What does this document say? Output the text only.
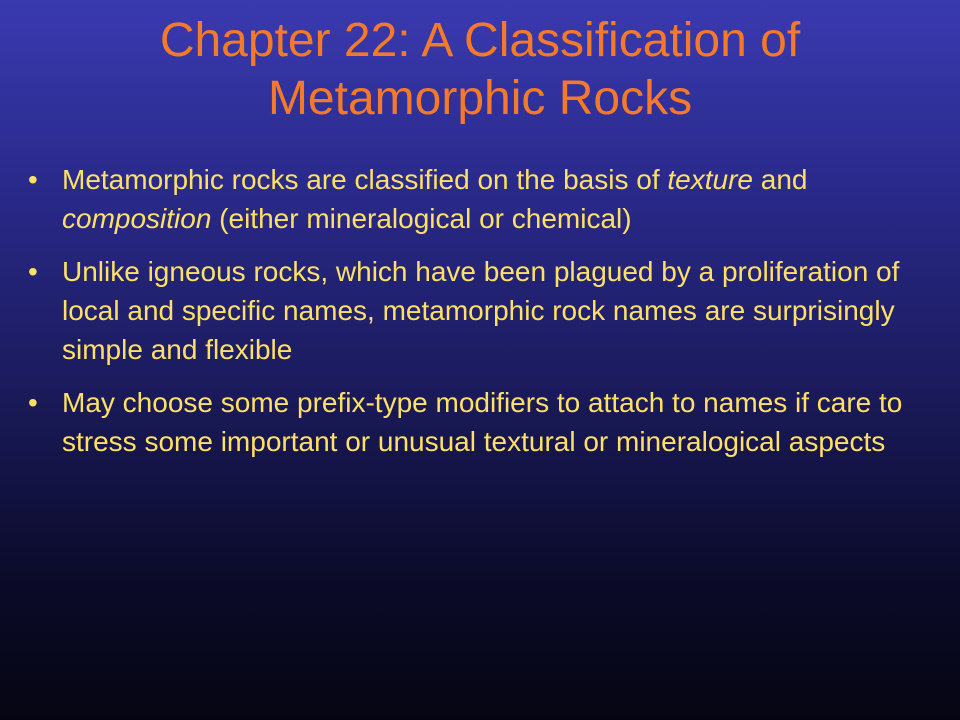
Chapter 22: A Classification of Metamorphic Rocks
• Metamorphic rocks are classified on the basis of texture and composition (either mineralogical or chemical)
• Unlike igneous rocks, which have been plagued by a proliferation of local and specific names, metamorphic rock names are surprisingly simple and flexible
• May choose some prefix-type modifiers to attach to names if care to stress some important or unusual textural or mineralogical aspects
